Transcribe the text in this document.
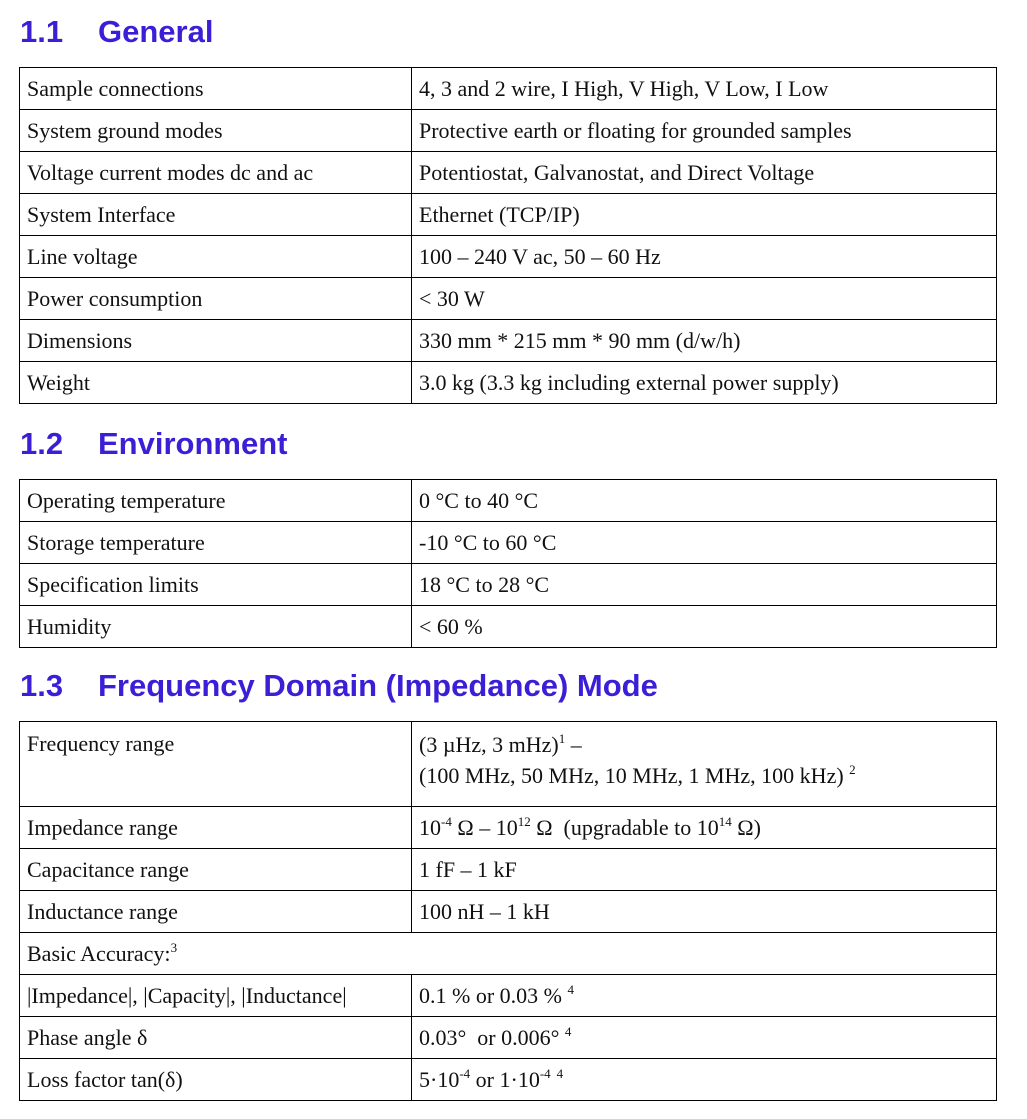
1.1 General
Sample connections	4, 3 and 2 wire, I High, V High, V Low, I Low
System ground modes	Protective earth or floating for grounded samples
Voltage current modes dc and ac	Potentiostat, Galvanostat, and Direct Voltage
System Interface	Ethernet (TCP/IP)
Line voltage	100 – 240 V ac, 50 – 60 Hz
Power consumption	< 30 W
Dimensions	330 mm * 215 mm * 90 mm (d/w/h)
Weight	3.0 kg (3.3 kg including external power supply)
1.2 Environment
Operating temperature	0 °C to 40 °C
Storage temperature	-10 °C to 60 °C
Specification limits	18 °C to 28 °C
Humidity	< 60 %
1.3 Frequency Domain (Impedance) Mode
Frequency range	(3 µHz, 3 mHz)$^1$ –
(100 MHz, 50 MHz, 10 MHz, 1 MHz, 100 kHz) $^2$

Impedance range	$10^{-4}$ Ω – $10^{12}$ Ω  (upgradable to $10^{14}$ Ω)
Capacitance range	1 fF – 1 kF
Inductance range	100 nH – 1 kH
Basic Accuracy:$^3$
|Impedance|, |Capacity|, |Inductance|	0.1 % or 0.03 % $^4$
Phase angle δ	0.03°  or 0.006° $^4$
Loss factor tan(δ)	$5\cdot 10^{-4}$ or $1\cdot 10^{-4}$ $^4$
